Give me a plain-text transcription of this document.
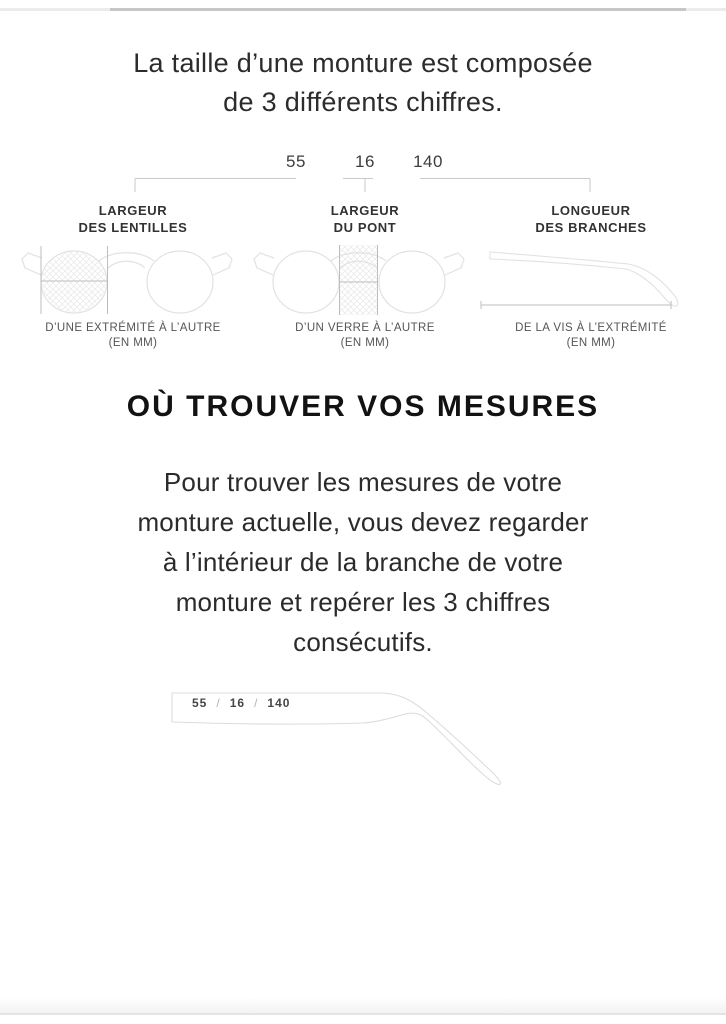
La taille d’une monture est composée
de 3 différents chiffres.
55	16	140
LARGEUR
DES LENTILLES
D’UNE EXTRÉMITÉ À L’AUTRE
(EN MM)
LARGEUR
DU PONT
D’UN VERRE À L’AUTRE
(EN MM)
LONGUEUR
DES BRANCHES
DE LA VIS À L’EXTRÉMITÉ
(EN MM)
OÙ TROUVER VOS MESURES
Pour trouver les mesures de votre
monture actuelle, vous devez regarder
à l’intérieur de la branche de votre
monture et repérer les 3 chiffres
consécutifs.
55 / 16 / 140
